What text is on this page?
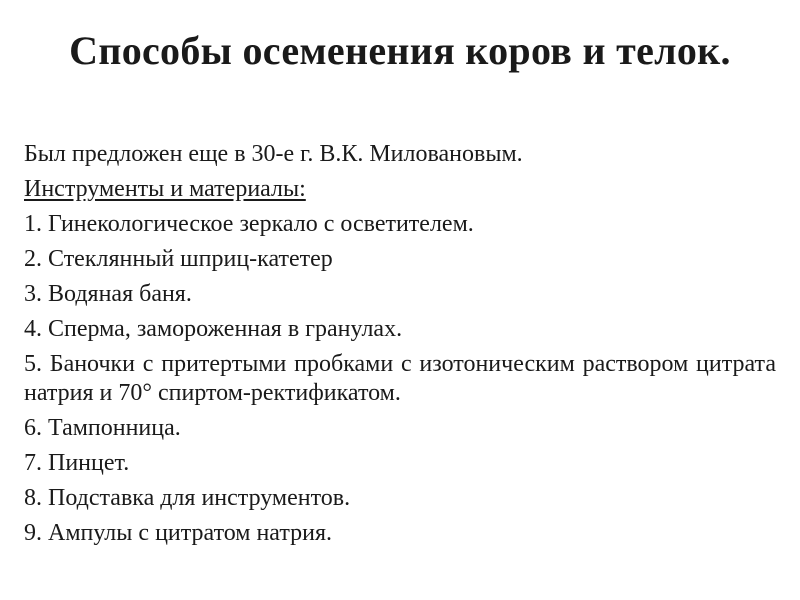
Способы осеменения коров и телок.

Был предложен еще в 30-е г. В.К. Миловановым.

Инструменты и материалы:

1. Гинекологическое зеркало с осветителем.

2. Стеклянный шприц-катетер

3. Водяная баня.

4. Сперма, замороженная в гранулах.

5. Баночки с притертыми пробками с изотоническим раствором цитрата натрия и 70° спиртом-ректификатом.

6. Тампонница.

7. Пинцет.

8. Подставка для инструментов.

9. Ампулы с цитратом натрия.
